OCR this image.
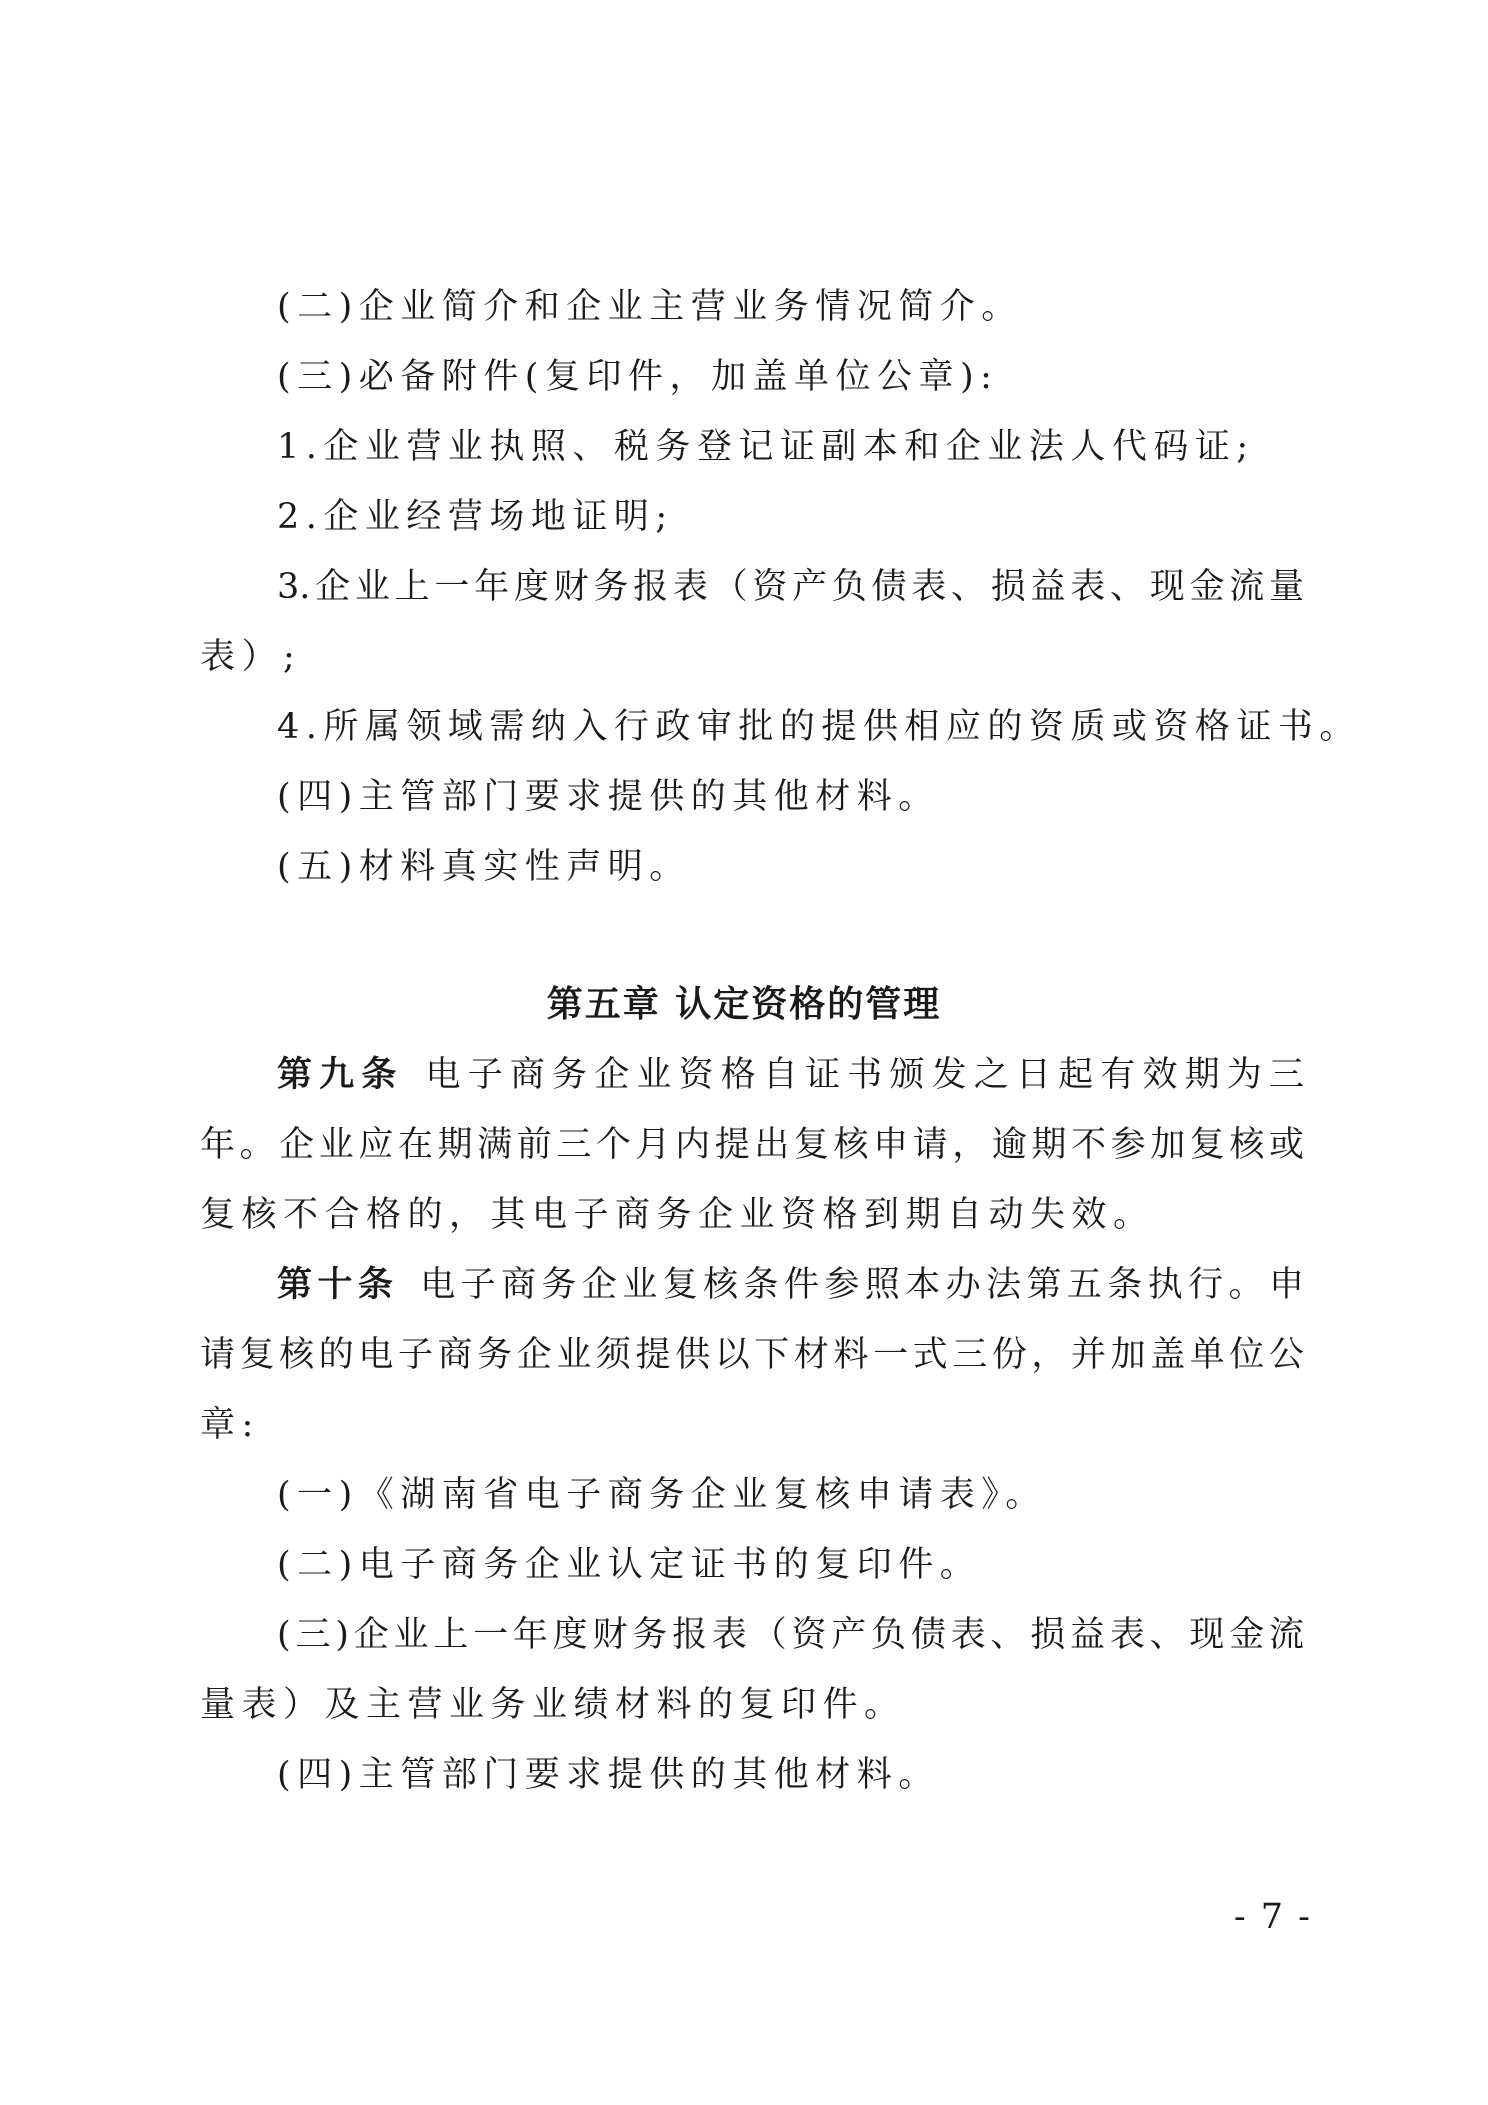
(二)企业简介和企业主营业务情况简介。
(三)必备附件(复印件，加盖单位公章):
1.企业营业执照、税务登记证副本和企业法人代码证;
2.企业经营场地证明;
3.企业上一年度财务报表（资产负债表、损益表、现金流量
表）;
4.所属领域需纳入行政审批的提供相应的资质或资格证书。
(四)主管部门要求提供的其他材料。
(五)材料真实性声明。
第五章 认定资格的管理
第九条 电子商务企业资格自证书颁发之日起有效期为三
年。企业应在期满前三个月内提出复核申请，逾期不参加复核或
复核不合格的，其电子商务企业资格到期自动失效。
第十条 电子商务企业复核条件参照本办法第五条执行。申
请复核的电子商务企业须提供以下材料一式三份，并加盖单位公
章:
(一)《湖南省电子商务企业复核申请表》。
(二)电子商务企业认定证书的复印件。
(三)企业上一年度财务报表（资产负债表、损益表、现金流
量表）及主营业务业绩材料的复印件。
(四)主管部门要求提供的其他材料。
- 7 -
